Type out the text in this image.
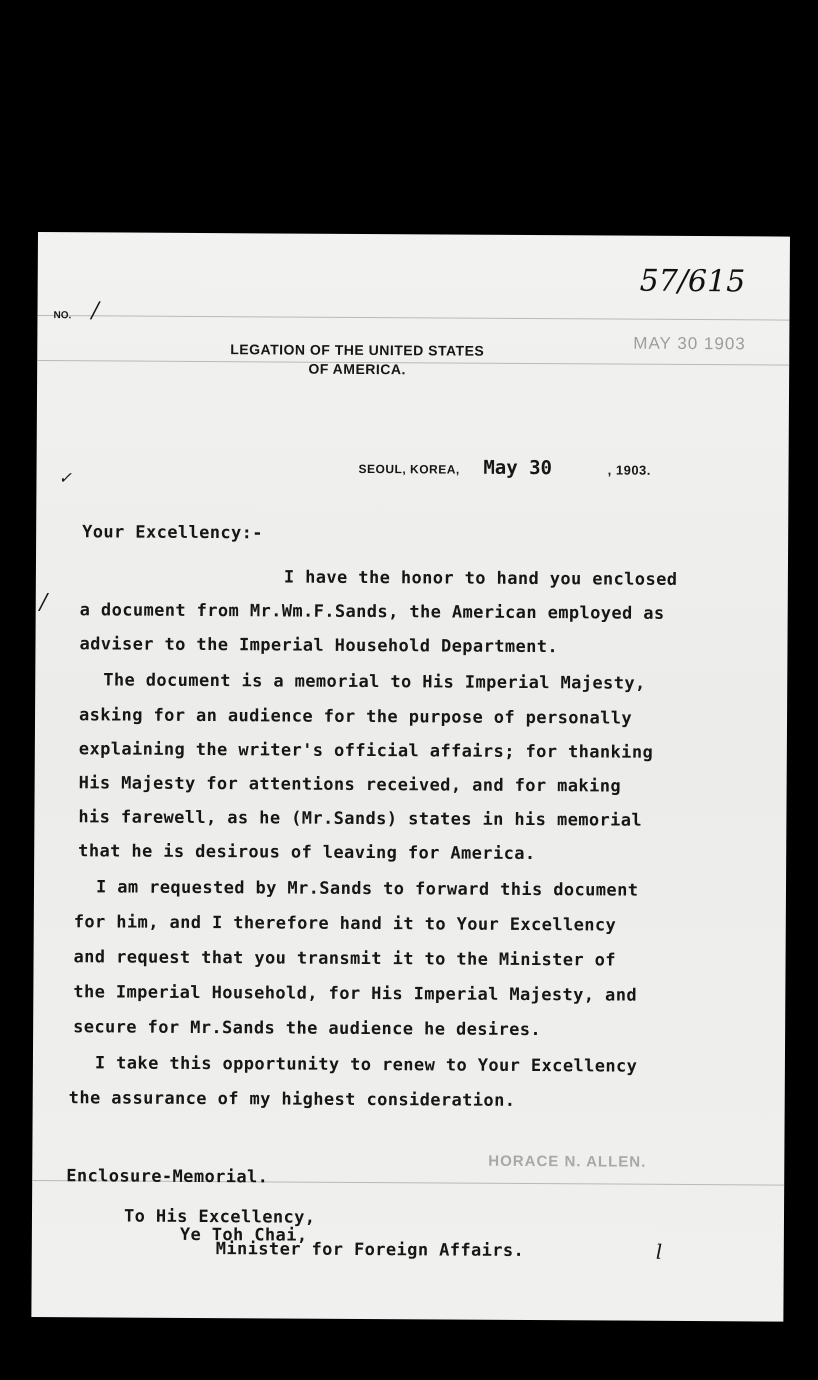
NO. /
57/615
MAY 30 1903
LEGATION OF THE UNITED STATES
OF AMERICA.
✓	SEOUL, KOREA, May 30	, 1903.
Your Excellency:-
/
I have the honor to hand you enclosed
a document from Mr.Wm.F.Sands, the American employed as
adviser to the Imperial Household Department.
The document is a memorial to His Imperial Majesty,
asking for an audience for the purpose of personally
explaining the writer's official affairs; for thanking
His Majesty for attentions received, and for making
his farewell, as he (Mr.Sands) states in his memorial
that he is desirous of leaving for America.
I am requested by Mr.Sands to forward this document
for him, and I therefore hand it to Your Excellency
and request that you transmit it to the Minister of
the Imperial Household, for His Imperial Majesty, and
secure for Mr.Sands the audience he desires.
I take this opportunity to renew to Your Excellency
the assurance of my highest consideration.
HORACE N. ALLEN.
Enclosure-Memorial.
To His Excellency,
Ye Toh Chai,
Minister for Foreign Affairs.	l
